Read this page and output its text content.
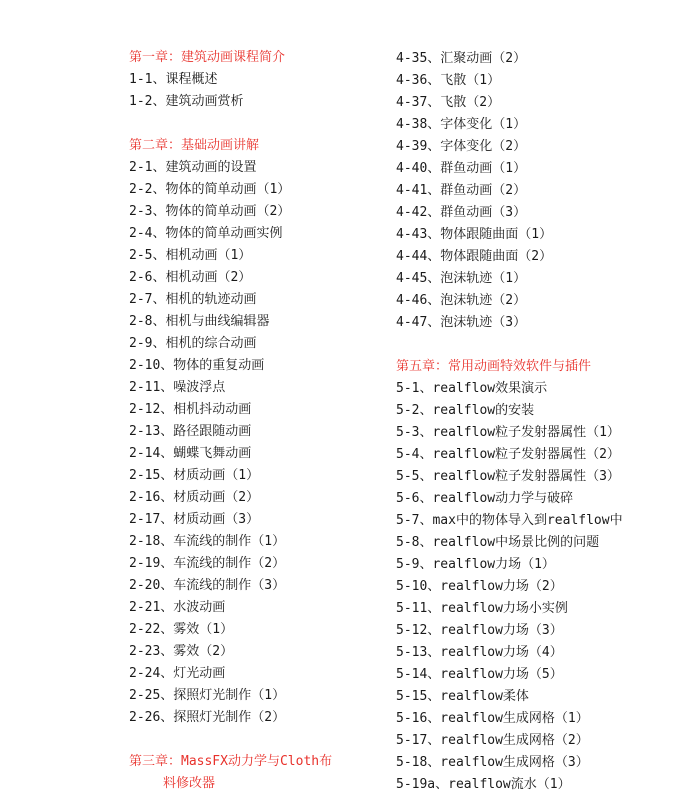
第一章：建筑动画课程简介
1-1、课程概述
1-2、建筑动画赏析
第二章：基础动画讲解
2-1、建筑动画的设置
2-2、物体的简单动画（1）
2-3、物体的简单动画（2）
2-4、物体的简单动画实例
2-5、相机动画（1）
2-6、相机动画（2）
2-7、相机的轨迹动画
2-8、相机与曲线编辑器
2-9、相机的综合动画
2-10、物体的重复动画
2-11、噪波浮点
2-12、相机抖动动画
2-13、路径跟随动画
2-14、蝴蝶飞舞动画
2-15、材质动画（1）
2-16、材质动画（2）
2-17、材质动画（3）
2-18、车流线的制作（1）
2-19、车流线的制作（2）
2-20、车流线的制作（3）
2-21、水波动画
2-22、雾效（1）
2-23、雾效（2）
2-24、灯光动画
2-25、探照灯光制作（1）
2-26、探照灯光制作（2）
第三章：MassFX动力学与Cloth布
料修改器
4-35、汇聚动画（2）
4-36、飞散（1）
4-37、飞散（2）
4-38、字体变化（1）
4-39、字体变化（2）
4-40、群鱼动画（1）
4-41、群鱼动画（2）
4-42、群鱼动画（3）
4-43、物体跟随曲面（1）
4-44、物体跟随曲面（2）
4-45、泡沫轨迹（1）
4-46、泡沫轨迹（2）
4-47、泡沫轨迹（3）
第五章：常用动画特效软件与插件
5-1、realflow效果演示
5-2、realflow的安装
5-3、realflow粒子发射器属性（1）
5-4、realflow粒子发射器属性（2）
5-5、realflow粒子发射器属性（3）
5-6、realflow动力学与破碎
5-7、max中的物体导入到realflow中
5-8、realflow中场景比例的问题
5-9、realflow力场（1）
5-10、realflow力场（2）
5-11、realflow力场小实例
5-12、realflow力场（3）
5-13、realflow力场（4）
5-14、realflow力场（5）
5-15、realflow柔体
5-16、realflow生成网格（1）
5-17、realflow生成网格（2）
5-18、realflow生成网格（3）
5-19a、realflow流水（1）
